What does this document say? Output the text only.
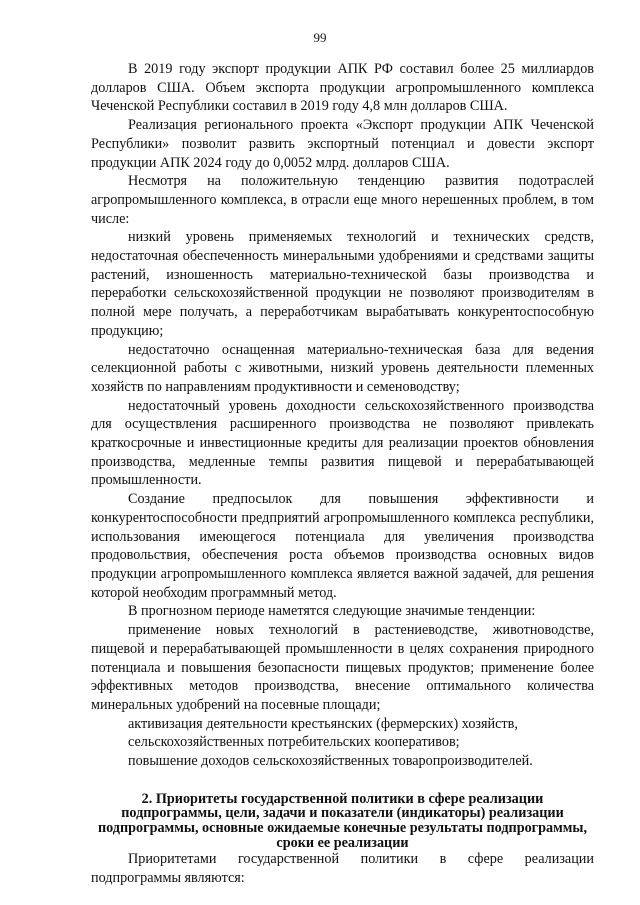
99

В 2019 году экспорт продукции АПК РФ составил более 25 миллиардов долларов США. Объем экспорта продукции агропромышленного комплекса Чеченской Республики составил в 2019 году 4,8 млн долларов США.

Реализация регионального проекта «Экспорт продукции АПК Чеченской Республики» позволит развить экспортный потенциал и довести экспорт продукции АПК 2024 году до 0,0052 млрд. долларов США.

Несмотря на положительную тенденцию развития подотраслей агропромышленного комплекса, в отрасли еще много нерешенных проблем, в том числе:

низкий уровень применяемых технологий и технических средств, недостаточная обеспеченность минеральными удобрениями и средствами защиты растений, изношенность материально-технической базы производства и переработки сельскохозяйственной продукции не позволяют производителям в полной мере получать, а переработчикам вырабатывать конкурентоспособную продукцию;

недостаточно оснащенная материально-техническая база для ведения селекционной работы с животными, низкий уровень деятельности племенных хозяйств по направлениям продуктивности и семеноводству;

недостаточный уровень доходности сельскохозяйственного производства для осуществления расширенного производства не позволяют привлекать краткосрочные и инвестиционные кредиты для реализации проектов обновления производства, медленные темпы развития пищевой и перерабатывающей промышленности.

Создание предпосылок для повышения эффективности и конкурентоспособности предприятий агропромышленного комплекса республики, использования имеющегося потенциала для увеличения производства продовольствия, обеспечения роста объемов производства основных видов продукции агропромышленного комплекса является важной задачей, для решения которой необходим программный метод.

В прогнозном периоде наметятся следующие значимые тенденции:

применение новых технологий в растениеводстве, животноводстве, пищевой и перерабатывающей промышленности в целях сохранения природного потенциала и повышения безопасности пищевых продуктов; применение более эффективных методов производства, внесение оптимального количества минеральных удобрений на посевные площади;

активизация деятельности крестьянских (фермерских) хозяйств,

сельскохозяйственных потребительских кооперативов;

повышение доходов сельскохозяйственных товаропроизводителей.

2. Приоритеты государственной политики в сфере реализации подпрограммы, цели, задачи и показатели (индикаторы) реализации подпрограммы, основные ожидаемые конечные результаты подпрограммы, сроки ее реализации

Приоритетами государственной политики в сфере реализации подпрограммы являются:
